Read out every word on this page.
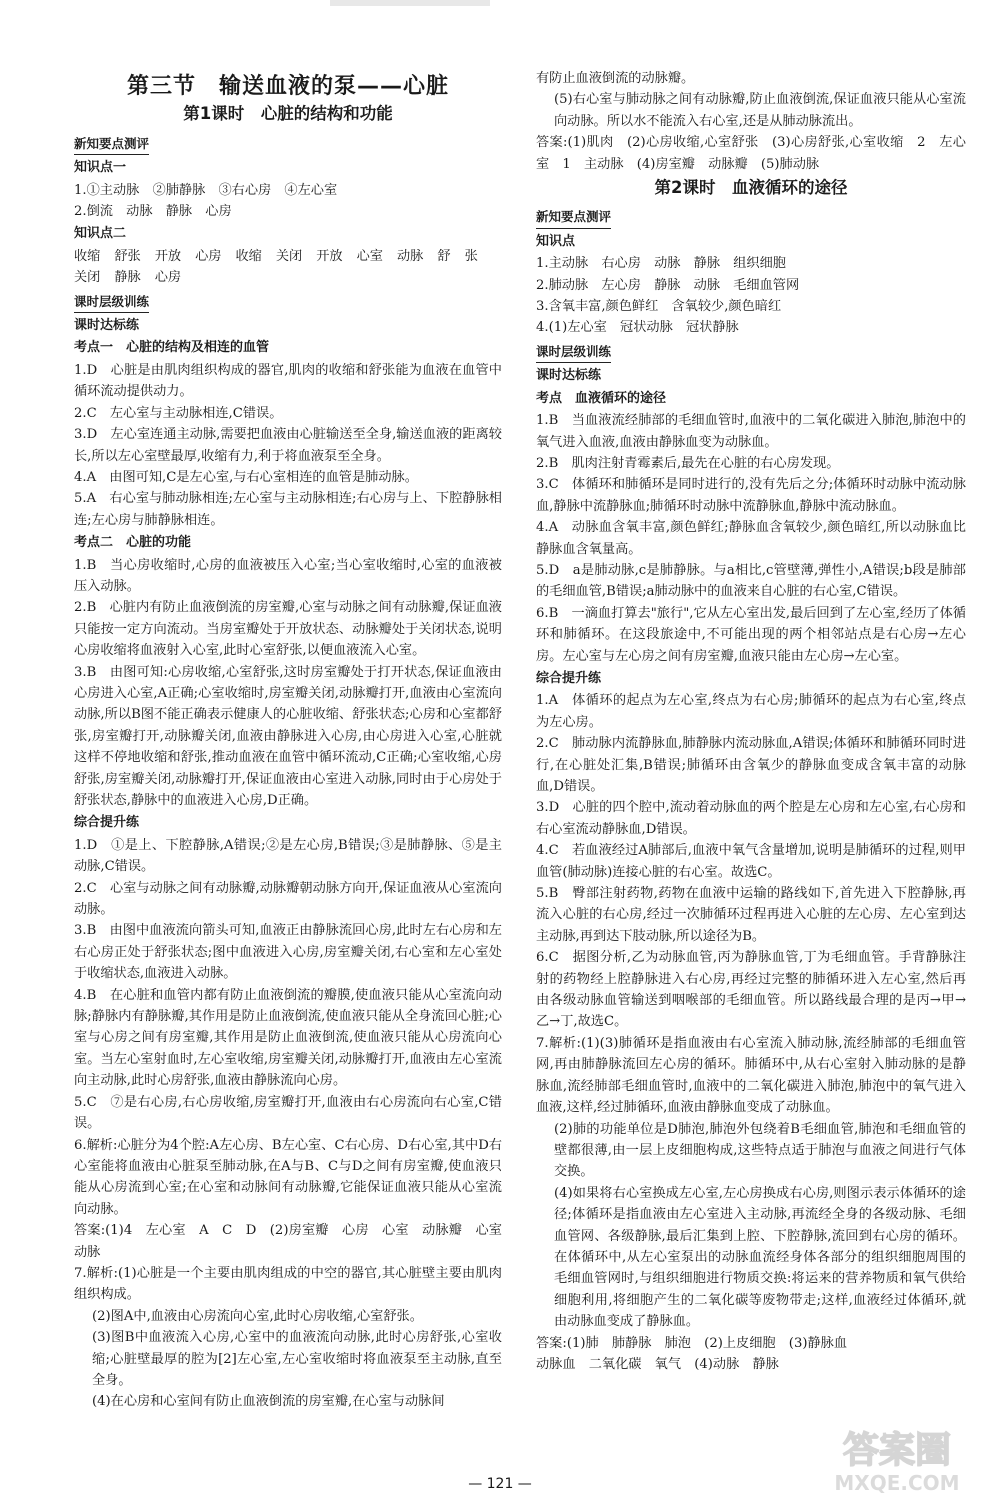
第三节　输送血液的泵——心脏
第1课时　心脏的结构和功能
新知要点测评
知识点一

1.①主动脉　②肺静脉　③右心房　④左心室

2.倒流　动脉　静脉　心房

知识点二
收缩 舒张 开放 心房 收缩 关闭 开放 心室 动脉 舒 张
关闭 静脉 心房
课时层级训练
课时达标练
考点一　心脏的结构及相连的血管

1.D　心脏是由肌肉组织构成的器官,肌肉的收缩和舒张能为血液在血管中循环流动提供动力。

2.C　左心室与主动脉相连,C错误。

3.D　左心室连通主动脉,需要把血液由心脏输送至全身,输送血液的距离较长,所以左心室壁最厚,收缩有力,利于将血液泵至全身。

4.A　由图可知,C是左心室,与右心室相连的血管是肺动脉。

5.A　右心室与肺动脉相连;左心室与主动脉相连;右心房与上、下腔静脉相连;左心房与肺静脉相连。

考点二　心脏的功能

1.B　当心房收缩时,心房的血液被压入心室;当心室收缩时,心室的血液被压入动脉。

2.B　心脏内有防止血液倒流的房室瓣,心室与动脉之间有动脉瓣,保证血液只能按一定方向流动。当房室瓣处于开放状态、动脉瓣处于关闭状态,说明心房收缩将血液射入心室,此时心室舒张,以便血液流入心室。

3.B　由图可知:心房收缩,心室舒张,这时房室瓣处于打开状态,保证血液由心房进入心室,A正确;心室收缩时,房室瓣关闭,动脉瓣打开,血液由心室流向动脉,所以B图不能正确表示健康人的心脏收缩、舒张状态;心房和心室都舒张,房室瓣打开,动脉瓣关闭,血液由静脉进入心房,由心房进入心室,心脏就这样不停地收缩和舒张,推动血液在血管中循环流动,C正确;心室收缩,心房舒张,房室瓣关闭,动脉瓣打开,保证血液由心室进入动脉,同时由于心房处于舒张状态,静脉中的血液进入心房,D正确。

综合提升练

1.D　①是上、下腔静脉,A错误;②是左心房,B错误;③是肺静脉、⑤是主动脉,C错误。

2.C　心室与动脉之间有动脉瓣,动脉瓣朝动脉方向开,保证血液从心室流向动脉。

3.B　由图中血液流向箭头可知,血液正由静脉流回心房,此时左右心房和左右心房正处于舒张状态;图中血液进入心房,房室瓣关闭,右心室和左心室处于收缩状态,血液进入动脉。

4.B　在心脏和血管内都有防止血液倒流的瓣膜,使血液只能从心室流向动脉;静脉内有静脉瓣,其作用是防止血液倒流,使血液只能从全身流回心脏;心室与心房之间有房室瓣,其作用是防止血液倒流,使血液只能从心房流向心室。当左心室射血时,左心室收缩,房室瓣关闭,动脉瓣打开,血液由左心室流向主动脉,此时心房舒张,血液由静脉流向心房。

5.C　⑦是右心房,右心房收缩,房室瓣打开,血液由右心房流向右心室,C错误。

6.解析:心脏分为4个腔:A左心房、B左心室、C右心房、D右心室,其中D右心室能将血液由心脏泵至肺动脉,在A与B、C与D之间有房室瓣,使血液只能从心房流到心室;在心室和动脉间有动脉瓣,它能保证血液只能从心室流向动脉。

答案:(1)4　左心室　A　C　D　(2)房室瓣　心房　心室　动脉瓣　心室　动脉

7.解析:(1)心脏是一个主要由肌肉组成的中空的器官,其心脏壁主要由肌肉组织构成。

(2)图A中,血液由心房流向心室,此时心房收缩,心室舒张。

(3)图B中血液流入心房,心室中的血液流向动脉,此时心房舒张,心室收缩;心脏壁最厚的腔为[2]左心室,左心室收缩时将血液泵至主动脉,直至全身。

(4)在心房和心室间有防止血液倒流的房室瓣,在心室与动脉间

有防止血液倒流的动脉瓣。

(5)右心室与肺动脉之间有动脉瓣,防止血液倒流,保证血液只能从心室流向动脉。所以水不能流入右心室,还是从肺动脉流出。

答案:(1)肌肉　(2)心房收缩,心室舒张　(3)心房舒张,心室收缩　2　左心室　1　主动脉　(4)房室瓣　动脉瓣　(5)肺动脉

第2课时　血液循环的途径
新知要点测评
知识点

1.主动脉　右心房　动脉　静脉　组织细胞

2.肺动脉　左心房　静脉　动脉　毛细血管网

3.含氧丰富,颜色鲜红　含氧较少,颜色暗红

4.(1)左心室　冠状动脉　冠状静脉

课时层级训练
课时达标练
考点　血液循环的途径

1.B　当血液流经肺部的毛细血管时,血液中的二氧化碳进入肺泡,肺泡中的氧气进入血液,血液由静脉血变为动脉血。

2.B　肌肉注射青霉素后,最先在心脏的右心房发现。

3.C　体循环和肺循环是同时进行的,没有先后之分;体循环时动脉中流动脉血,静脉中流静脉血;肺循环时动脉中流静脉血,静脉中流动脉血。

4.A　动脉血含氧丰富,颜色鲜红;静脉血含氧较少,颜色暗红,所以动脉血比静脉血含氧量高。

5.D　a是肺动脉,c是肺静脉。与a相比,c管壁薄,弹性小,A错误;b段是肺部的毛细血管,B错误;a肺动脉中的血液来自心脏的右心室,C错误。

6.B　一滴血打算去"旅行",它从左心室出发,最后回到了左心室,经历了体循环和肺循环。在这段旅途中,不可能出现的两个相邻站点是右心房→左心房。左心室与左心房之间有房室瓣,血液只能由左心房→左心室。

综合提升练

1.A　体循环的起点为左心室,终点为右心房;肺循环的起点为右心室,终点为左心房。

2.C　肺动脉内流静脉血,肺静脉内流动脉血,A错误;体循环和肺循环同时进行,在心脏处汇集,B错误;肺循环由含氧少的静脉血变成含氧丰富的动脉血,D错误。

3.D　心脏的四个腔中,流动着动脉血的两个腔是左心房和左心室,右心房和右心室流动静脉血,D错误。

4.C　若血液经过A肺部后,血液中氧气含量增加,说明是肺循环的过程,则甲血管(肺动脉)连接心脏的右心室。故选C。

5.B　臀部注射药物,药物在血液中运输的路线如下,首先进入下腔静脉,再流入心脏的右心房,经过一次肺循环过程再进入心脏的左心房、左心室到达主动脉,再到达下肢动脉,所以途径为B。

6.C　据图分析,乙为动脉血管,丙为静脉血管,丁为毛细血管。手背静脉注射的药物经上腔静脉进入右心房,再经过完整的肺循环进入左心室,然后再由各级动脉血管输送到咽喉部的毛细血管。所以路线最合理的是丙→甲→乙→丁,故选C。

7.解析:(1)(3)肺循环是指血液由右心室流入肺动脉,流经肺部的毛细血管网,再由肺静脉流回左心房的循环。肺循环中,从右心室射入肺动脉的是静脉血,流经肺部毛细血管时,血液中的二氧化碳进入肺泡,肺泡中的氧气进入血液,这样,经过肺循环,血液由静脉血变成了动脉血。

(2)肺的功能单位是D肺泡,肺泡外包绕着B毛细血管,肺泡和毛细血管的壁都很薄,由一层上皮细胞构成,这些特点适于肺泡与血液之间进行气体交换。

(4)如果将右心室换成左心室,左心房换成右心房,则图示表示体循环的途径;体循环是指血液由左心室进入主动脉,再流经全身的各级动脉、毛细血管网、各级静脉,最后汇集到上腔、下腔静脉,流回到右心房的循环。在体循环中,从左心室泵出的动脉血流经身体各部分的组织细胞周围的毛细血管网时,与组织细胞进行物质交换:将运来的营养物质和氧气供给细胞利用,将细胞产生的二氧化碳等废物带走;这样,血液经过体循环,就由动脉血变成了静脉血。

答案:(1)肺　肺静脉　肺泡　(2)上皮细胞　(3)静脉血

动脉血　二氧化碳　氧气　(4)动脉　静脉

— 121 —
答案圈
MXQE.COM
